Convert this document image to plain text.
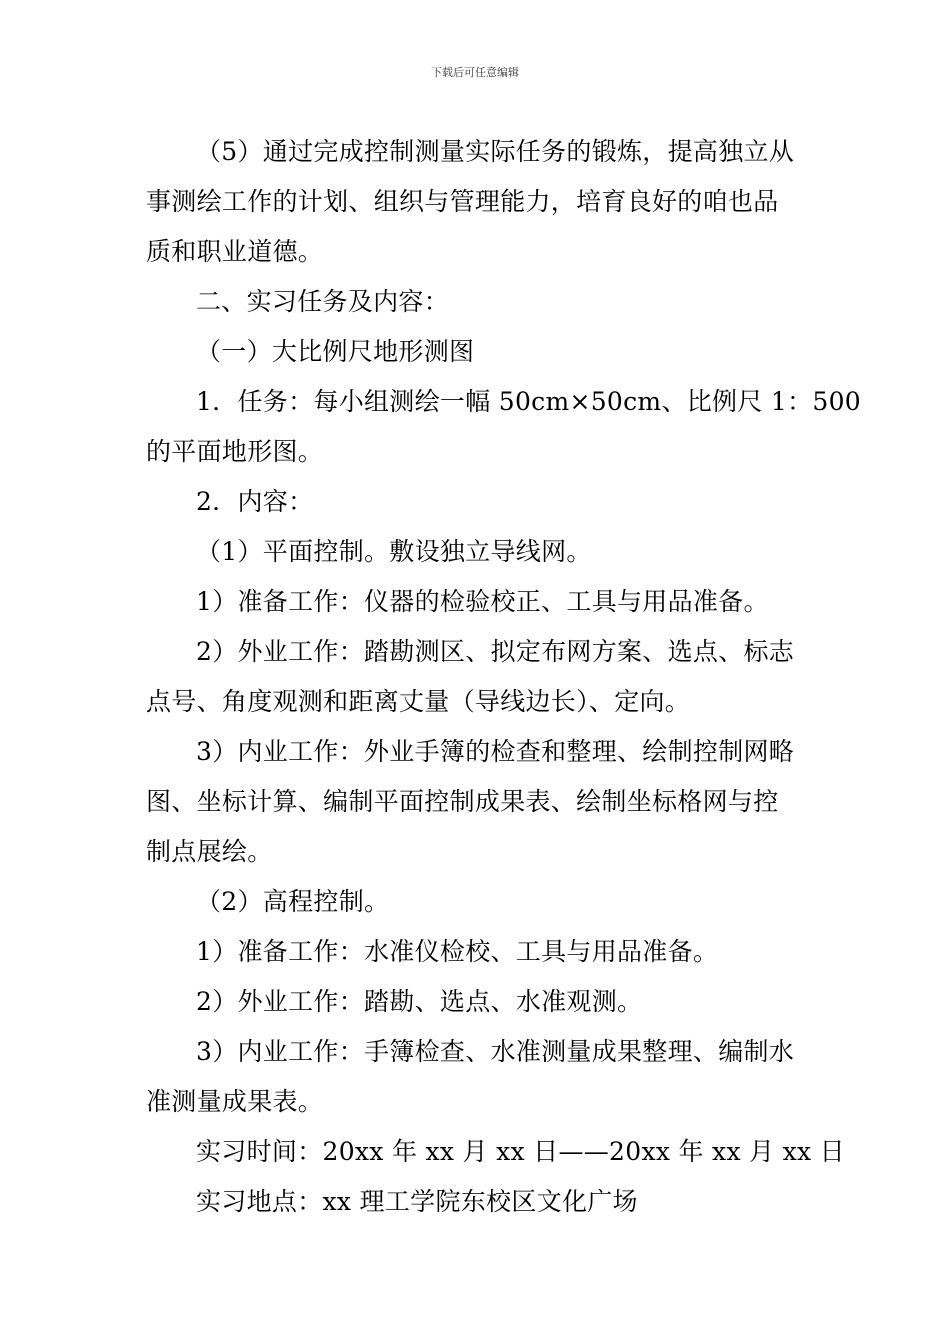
下载后可任意编辑
（5）通过完成控制测量实际任务的锻炼，提高独立从
事测绘工作的计划、组织与管理能力，培育良好的咱也品
质和职业道德。
二、实习任务及内容：
（一）大比例尺地形测图
1．任务：每小组测绘一幅 50cm×50cm、比例尺 1：500
的平面地形图。
2．内容：
（1）平面控制。敷设独立导线网。
1）准备工作：仪器的检验校正、工具与用品准备。
2）外业工作：踏勘测区、拟定布网方案、选点、标志
点号、角度观测和距离丈量（导线边长）、定向。
3）内业工作：外业手簿的检查和整理、绘制控制网略
图、坐标计算、编制平面控制成果表、绘制坐标格网与控
制点展绘。
（2）高程控制。
1）准备工作：水准仪检校、工具与用品准备。
2）外业工作：踏勘、选点、水准观测。
3）内业工作：手簿检查、水准测量成果整理、编制水
准测量成果表。
实习时间：20xx 年 xx 月 xx 日——20xx 年 xx 月 xx 日
实习地点：xx 理工学院东校区文化广场
